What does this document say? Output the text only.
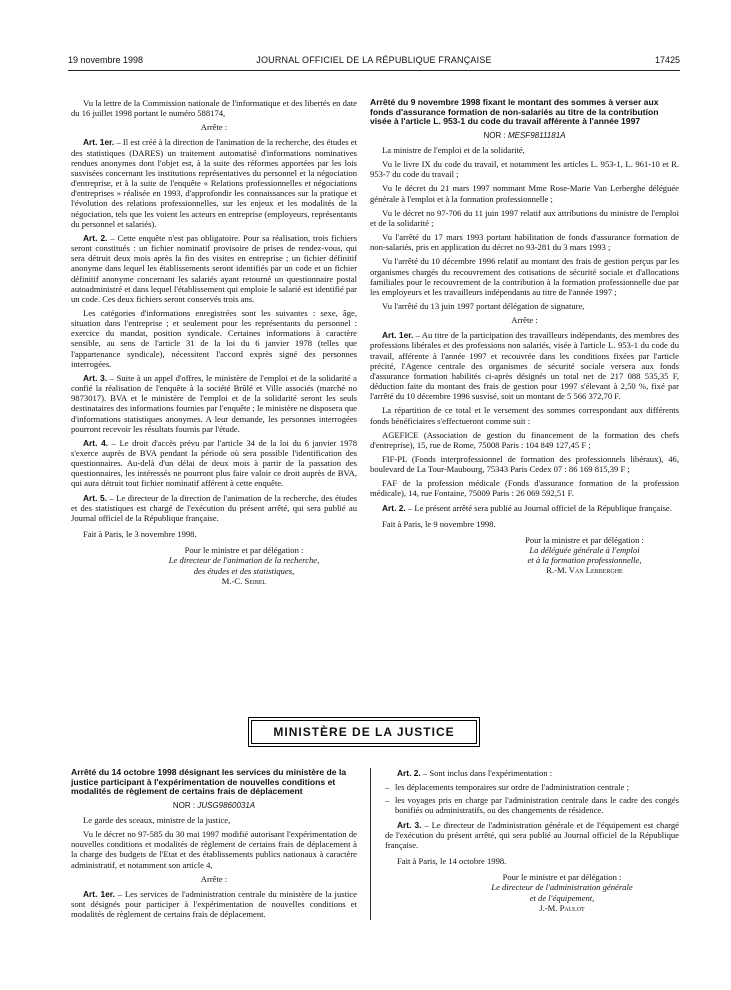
19 novembre 1998	JOURNAL OFFICIEL DE LA RÉPUBLIQUE FRANÇAISE	17425

Vu la lettre de la Commission nationale de l'informatique et des libertés en date du 16 juillet 1998 portant le numéro 588174,

Arrête :

Art. 1er. – Il est créé à la direction de l'animation de la recherche, des études et des statistiques (DARES) un traitement automatisé d'informations nominatives rendues anonymes dont l'objet est, à la suite des réformes apportées par les lois susvisées concernant les institutions représentatives du personnel et la négociation d'entreprise, et à la suite de l'enquête « Relations professionnelles et négociations d'entreprises » réalisée en 1993, d'approfondir les connaissances sur la pratique et l'évolution des relations professionnelles, sur les enjeux et les modalités de la négociation, tels que les voient les acteurs en entreprise (employeurs, représentants du personnel et salariés).

Art. 2. – Cette enquête n'est pas obligatoire. Pour sa réalisation, trois fichiers seront constitués : un fichier nominatif provisoire de prises de rendez-vous, qui sera détruit deux mois après la fin des visites en entreprise ; un fichier définitif anonyme dans lequel les établissements seront identifiés par un code et un fichier définitif anonyme concernant les salariés ayant retourné un questionnaire postal autoadministré et dans lequel l'établissement qui emploie le salarié est identifié par un code. Ces deux fichiers seront conservés trois ans.

Les catégories d'informations enregistrées sont les suivantes : sexe, âge, situation dans l'entreprise ; et seulement pour les représentants du personnel : exercice du mandat, position syndicale. Certaines informations à caractère sensible, au sens de l'article 31 de la loi du 6 janvier 1978 (telles que l'appartenance syndicale), nécessitent l'accord exprès signé des personnes interrogées.

Art. 3. – Suite à un appel d'offres, le ministère de l'emploi et de la solidarité a confié la réalisation de l'enquête à la société Brûlé et Ville associés (marché no 9873017). BVA et le ministère de l'emploi et de la solidarité seront les seuls destinataires des informations fournies par l'enquête ; le ministère ne disposera que d'informations statistiques anonymes. A leur demande, les personnes interrogées pourront recevoir les résultats fournis par l'étude.

Art. 4. – Le droit d'accès prévu par l'article 34 de la loi du 6 janvier 1978 s'exerce auprès de BVA pendant la période où sera possible l'identification des questionnaires. Au-delà d'un délai de deux mois à partir de la passation des questionnaires, les intéressés ne pourront plus faire valoir ce droit auprès de BVA, qui aura détruit tout fichier nominatif afférent à cette enquête.

Art. 5. – Le directeur de la direction de l'animation de la recherche, des études et des statistiques est chargé de l'exécution du présent arrêté, qui sera publié au Journal officiel de la République française.

Fait à Paris, le 3 novembre 1998.

Pour le ministre et par délégation :

Le directeur de l'animation de la recherche,

des études et des statistiques,

M.-C. Seibel

Arrêté du 9 novembre 1998 fixant le montant des sommes à verser aux fonds d'assurance formation de non-salariés au titre de la contribution visée à l'article L. 953-1 du code du travail afférente à l'année 1997

NOR : MESF9811181A

La ministre de l'emploi et de la solidarité,

Vu le livre IX du code du travail, et notamment les articles L. 953-1, L. 961-10 et R. 953-7 du code du travail ;

Vu le décret du 21 mars 1997 nommant Mme Rose-Marie Van Lerberghe déléguée générale à l'emploi et à la formation professionnelle ;

Vu le décret no 97-706 du 11 juin 1997 relatif aux attributions du ministre de l'emploi et de la solidarité ;

Vu l'arrêté du 17 mars 1993 portant habilitation de fonds d'assurance formation de non-salariés, pris en application du décret no 93-281 du 3 mars 1993 ;

Vu l'arrêté du 10 décembre 1996 relatif au montant des frais de gestion perçus par les organismes chargés du recouvrement des cotisations de sécurité sociale et d'allocations familiales pour le recouvrement de la contribution à la formation professionnelle due par les employeurs et les travailleurs indépendants au titre de l'année 1997 ;

Vu l'arrêté du 13 juin 1997 portant délégation de signature,

Arrête :

Art. 1er. – Au titre de la participation des travailleurs indépendants, des membres des professions libérales et des professions non salariés, visée à l'article L. 953-1 du code du travail, afférente à l'année 1997 et recouvrée dans les conditions fixées par l'article précité, l'Agence centrale des organismes de sécurité sociale versera aux fonds d'assurance formation habilités ci-après désignés un total net de 217 088 535,35 F, déduction faite du montant des frais de gestion pour 1997 s'élevant à 2,50 %, fixé par l'arrêté du 10 décembre 1996 susvisé, soit un montant de 5 566 372,70 F.

La répartition de ce total et le versement des sommes correspondant aux différents fonds bénéficiaires s'effectueront comme suit :

AGEFICE (Association de gestion du financement de la formation des chefs d'entreprise), 15, rue de Rome, 75008 Paris : 104 849 127,45 F ;

FIF-PL (Fonds interprofessionnel de formation des professionnels libéraux), 46, boulevard de La Tour-Maubourg, 75343 Paris Cedex 07 : 86 169 815,39 F ;

FAF de la profession médicale (Fonds d'assurance formation de la profession médicale), 14, rue Fontaine, 75009 Paris : 26 069 592,51 F.

Art. 2. – Le présent arrêté sera publié au Journal officiel de la République française.

Fait à Paris, le 9 novembre 1998.

Pour la ministre et par délégation :

La déléguée générale à l'emploi

et à la formation professionnelle,

R.-M. Van Lerberghe

MINISTÈRE DE LA JUSTICE

Arrêté du 14 octobre 1998 désignant les services du ministère de la justice participant à l'expérimentation de nouvelles conditions et modalités de règlement de certains frais de déplacement

NOR : JUSG9860031A

Le garde des sceaux, ministre de la justice,

Vu le décret no 97-585 du 30 mai 1997 modifié autorisant l'expérimentation de nouvelles conditions et modalités de règlement de certains frais de déplacement à la charge des budgets de l'Etat et des établissements publics nationaux à caractère administratif, et notamment son article 4,

Arrête :

Art. 1er. – Les services de l'administration centrale du ministère de la justice sont désignés pour participer à l'expérimentation de nouvelles conditions et modalités de règlement de certains frais de déplacement.

Art. 2. – Sont inclus dans l'expérimentation :

– les déplacements temporaires sur ordre de l'administration centrale ;
– les voyages pris en charge par l'administration centrale dans le cadre des congés bonifiés ou administratifs, ou des changements de résidence.

Art. 3. – Le directeur de l'administration générale et de l'équipement est chargé de l'exécution du présent arrêté, qui sera publié au Journal officiel de la République française.

Fait à Paris, le 14 octobre 1998.

Pour le ministre et par délégation :

Le directeur de l'administration générale

et de l'équipement,

J.-M. Paulot
